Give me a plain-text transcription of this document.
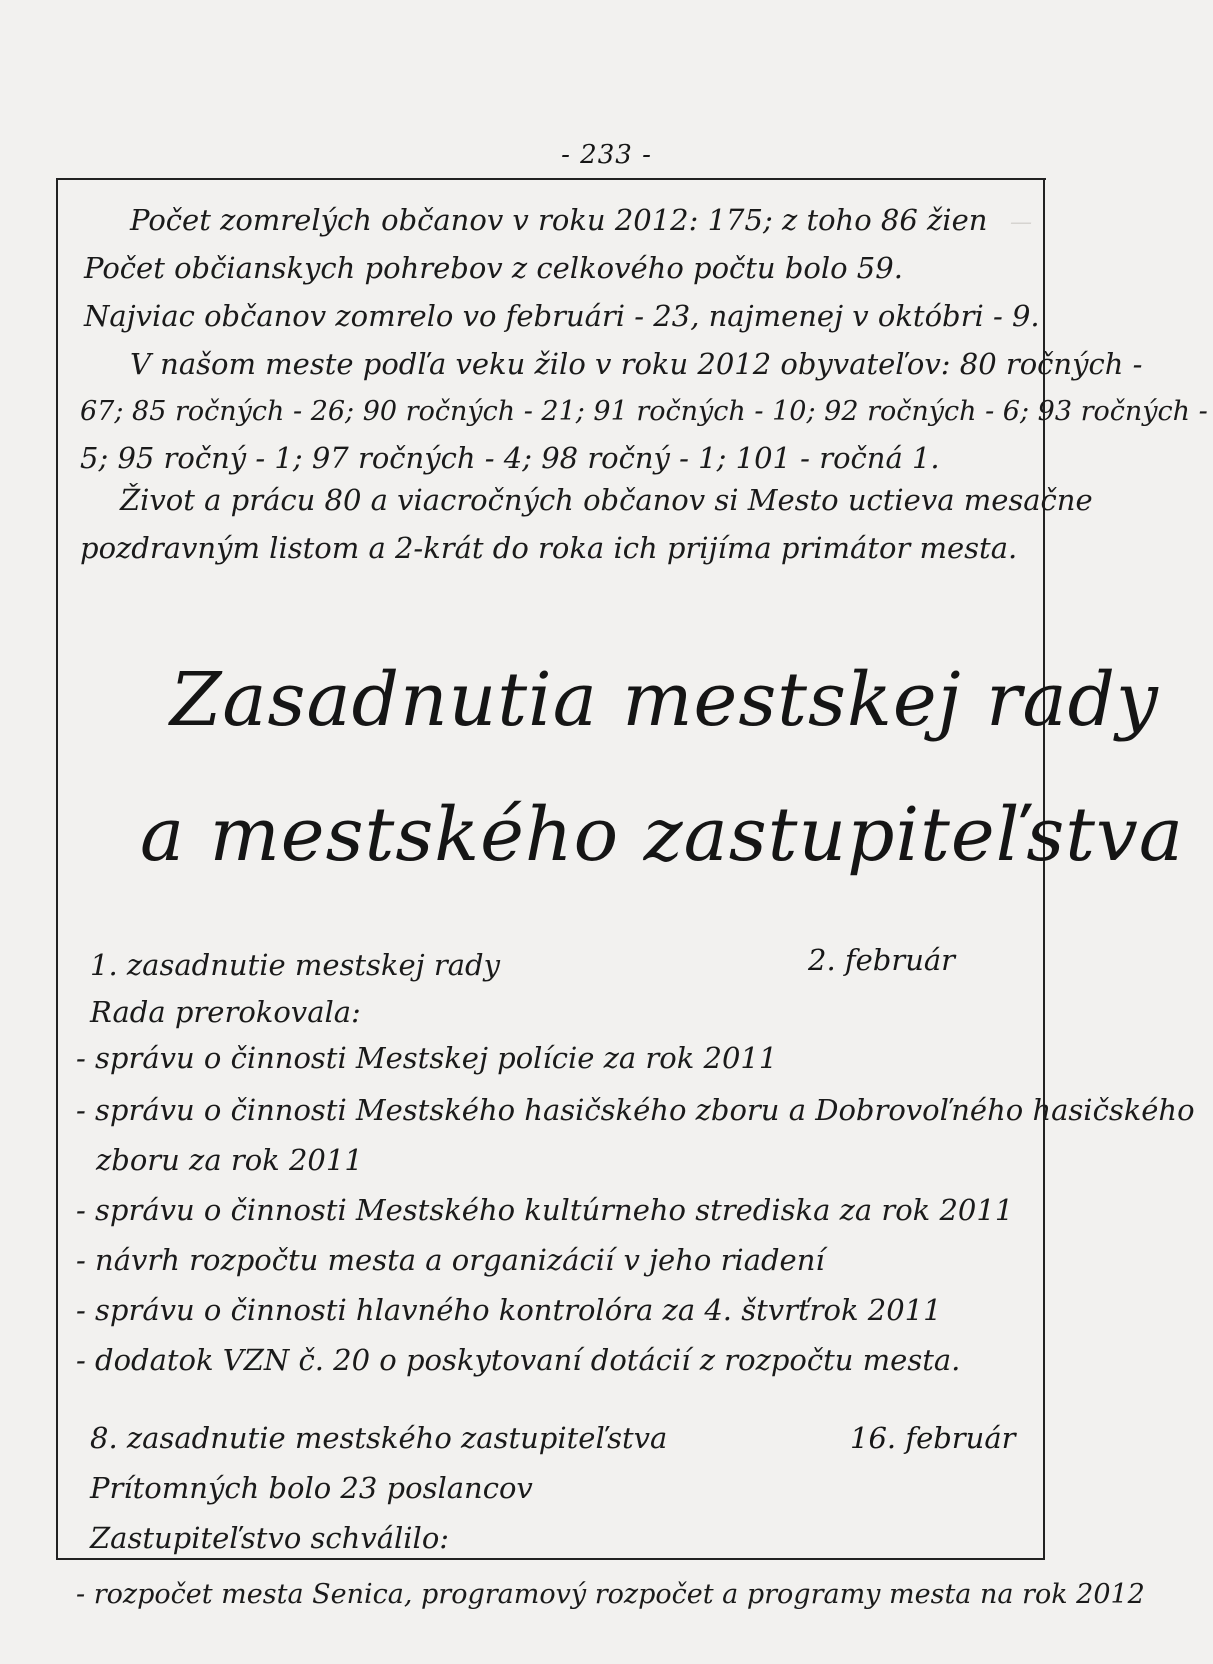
- 233 -
—
Počet zomrelých občanov v roku 2012: 175; z toho 86 žien
Počet občianskych pohrebov z celkového počtu bolo 59.
Najviac občanov zomrelo vo februári - 23, najmenej v októbri - 9.
V našom meste podľa veku žilo v roku 2012 obyvateľov: 80 ročných -
67; 85 ročných - 26; 90 ročných - 21; 91 ročných - 10; 92 ročných - 6; 93 ročných -
5; 95 ročný - 1; 97 ročných - 4; 98 ročný - 1; 101 - ročná 1.
Život a prácu 80 a viacročných občanov si Mesto uctieva mesačne
pozdravným listom a 2-krát do roka ich prijíma primátor mesta.
Zasadnutia mestskej rady
a mestského zastupiteľstva
1. zasadnutie mestskej rady	2. február
Rada prerokovala:
- správu o činnosti Mestskej polície za rok 2011
- správu o činnosti Mestského hasičského zboru a Dobrovoľného hasičského
zboru za rok 2011
- správu o činnosti Mestského kultúrneho strediska za rok 2011
- návrh rozpočtu mesta a organizácií v jeho riadení
- správu o činnosti hlavného kontrolóra za 4. štvrťrok 2011
- dodatok VZN č. 20 o poskytovaní dotácií z rozpočtu mesta.
8. zasadnutie mestského zastupiteľstva	16. február
Prítomných bolo 23 poslancov
Zastupiteľstvo schválilo:
- rozpočet mesta Senica, programový rozpočet a programy mesta na rok 2012
